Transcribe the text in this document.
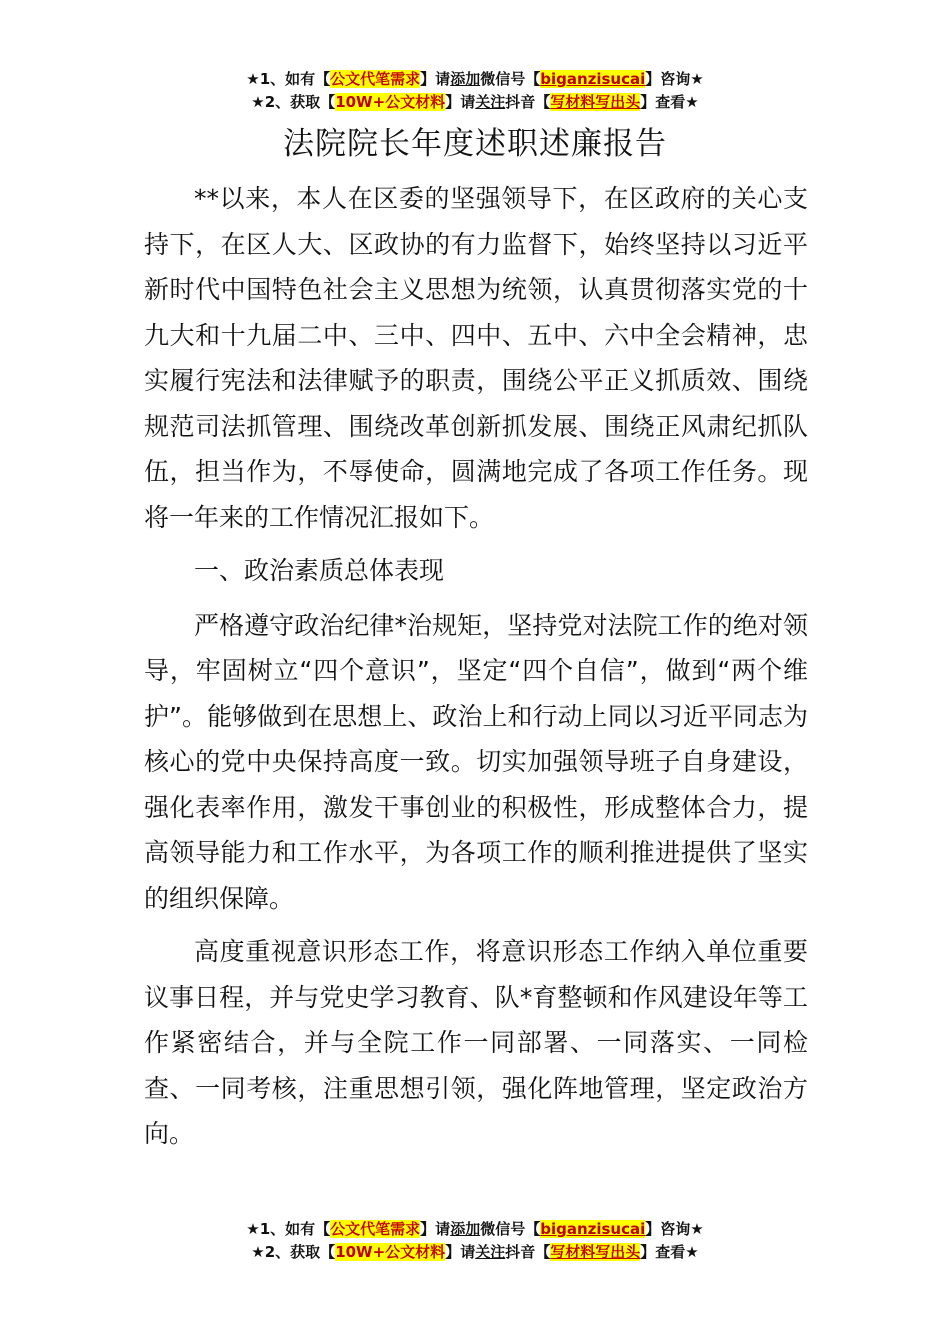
★1、如有【公文代笔需求】请添加微信号【biganzisucai】咨询★
★2、获取【10W+公文材料】请关注抖音【写材料写出头】查看★
法院院长年度述职述廉报告

**以来，本人在区委的坚强领导下，在区政府的关心支持下，在区人大、区政协的有力监督下，始终坚持以习近平新时代中国特色社会主义思想为统领，认真贯彻落实党的十九大和十九届二中、三中、四中、五中、六中全会精神，忠实履行宪法和法律赋予的职责，围绕公平正义抓质效、围绕规范司法抓管理、围绕改革创新抓发展、围绕正风肃纪抓队伍，担当作为，不辱使命，圆满地完成了各项工作任务。现将一年来的工作情况汇报如下。

一、政治素质总体表现

严格遵守政治纪律*治规矩，坚持党对法院工作的绝对领导，牢固树立“四个意识”，坚定“四个自信”，做到“两个维护”。能够做到在思想上、政治上和行动上同以习近平同志为核心的党中央保持高度一致。切实加强领导班子自身建设，强化表率作用，激发干事创业的积极性，形成整体合力，提高领导能力和工作水平，为各项工作的顺利推进提供了坚实的组织保障。

高度重视意识形态工作，将意识形态工作纳入单位重要议事日程，并与党史学习教育、队*育整顿和作风建设年等工作紧密结合，并与全院工作一同部署、一同落实、一同检查、一同考核，注重思想引领，强化阵地管理，坚定政治方向。

★1、如有【公文代笔需求】请添加微信号【biganzisucai】咨询★
★2、获取【10W+公文材料】请关注抖音【写材料写出头】查看★
